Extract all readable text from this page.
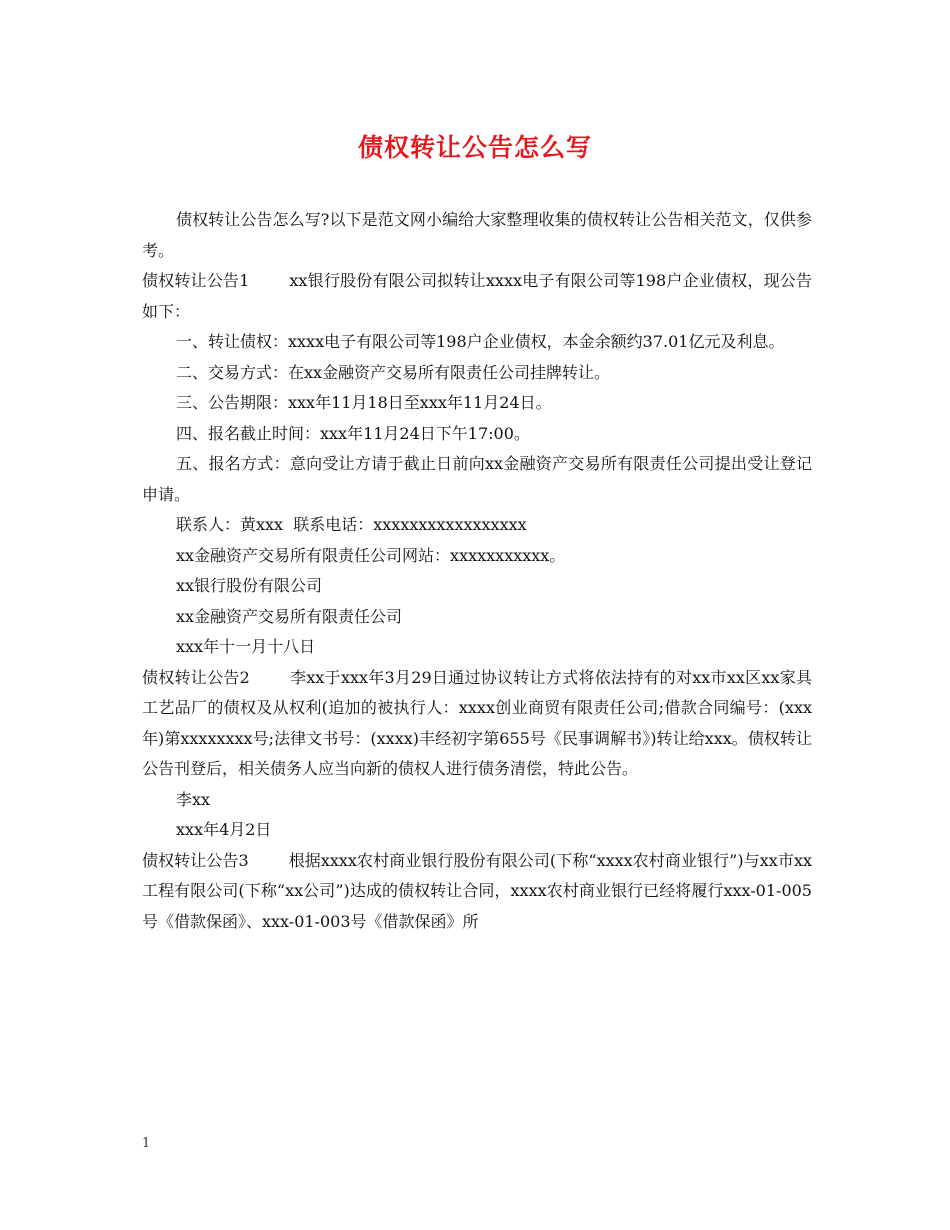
债权转让公告怎么写

债权转让公告怎么写?以下是范文网小编给大家整理收集的债权转让公告相关范文，仅供参考。

债权转让公告1	xx银行股份有限公司拟转让xxxx电子有限公司等198户企业债权，现公告如下：

一、转让债权：xxxx电子有限公司等198户企业债权，本金余额约37.01亿元及利息。

二、交易方式：在xx金融资产交易所有限责任公司挂牌转让。

三、公告期限：xxx年11月18日至xxx年11月24日。

四、报名截止时间：xxx年11月24日下午17:00。

五、报名方式：意向受让方请于截止日前向xx金融资产交易所有限责任公司提出受让登记申请。

联系人：黄xxx  联系电话：xxxxxxxxxxxxxxxxx

xx金融资产交易所有限责任公司网站：xxxxxxxxxxx。

xx银行股份有限公司

xx金融资产交易所有限责任公司

xxx年十一月十八日

债权转让公告2	李xx于xxx年3月29日通过协议转让方式将依法持有的对xx市xx区xx家具工艺品厂的债权及从权利(追加的被执行人：xxxx创业商贸有限责任公司;借款合同编号：(xxx年)第xxxxxxxx号;法律文书号：(xxxx)丰经初字第655号《民事调解书》)转让给xxx。债权转让公告刊登后，相关债务人应当向新的债权人进行债务清偿，特此公告。

李xx

xxx年4月2日

债权转让公告3	根据xxxx农村商业银行股份有限公司(下称“xxxx农村商业银行”)与xx市xx工程有限公司(下称“xx公司”)达成的债权转让合同，xxxx农村商业银行已经将履行xxx-01-005号《借款保函》、xxx-01-003号《借款保函》所

1
